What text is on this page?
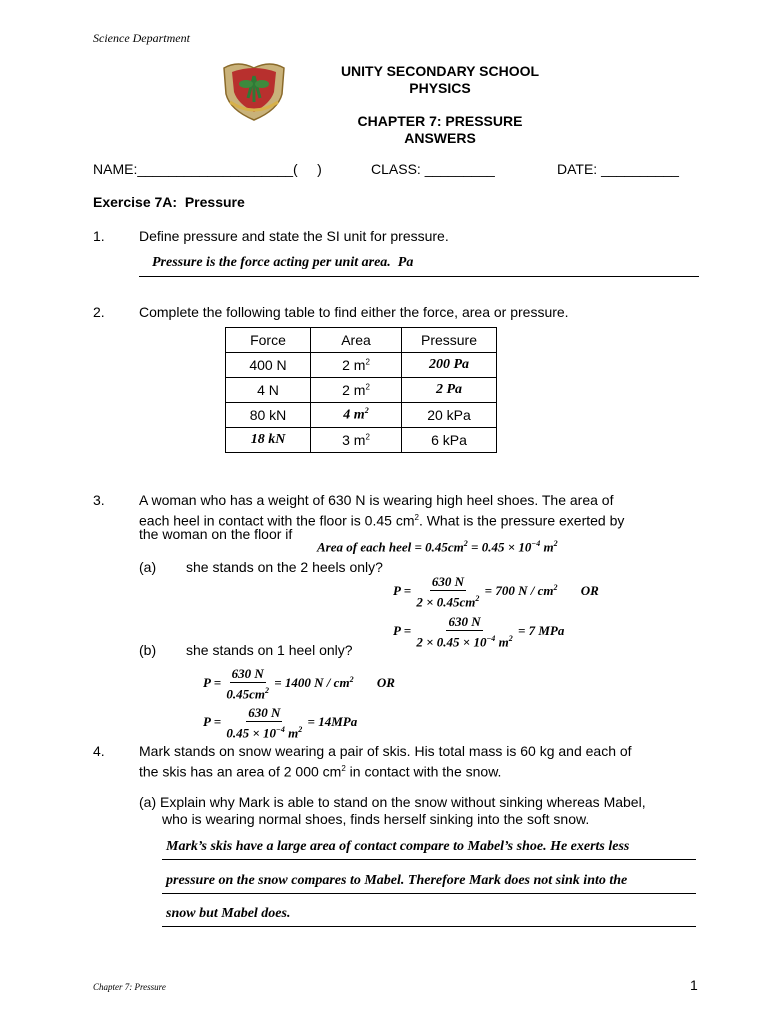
Science Department
UNITY SECONDARY SCHOOL
PHYSICS
CHAPTER 7: PRESSURE
ANSWERS
NAME:____________________(     )	CLASS: _________	DATE: __________
Exercise 7A:  Pressure
1. Define pressure and state the SI unit for pressure.
Pressure is the force acting per unit area.  Pa
2. Complete the following table to find either the force, area or pressure.
Force	Area	Pressure
400 N	2 $m^2$	200 Pa
4 N	2 $m^2$	2 Pa
80 kN	4 $m^2$	20 kPa
18 kN	3 $m^2$	6 kPa
3. A woman who has a weight of 630 N is wearing high heel shoes. The area of
each heel in contact with the floor is 0.45 $cm^2$. What is the pressure exerted by
the woman on the floor if
Area of each heel = $0.45cm^2 = 0.45 \times 10^{-4}$ $m^2$
(a) she stands on the 2 heels only?
$P = \frac{630 N}{2 \times 0.45cm^2} = 700$ N / $cm^2$ OR
$P = \frac{630 N}{2 \times 0.45 \times 10^{-4} m^2} = 7$ MPa
(b) she stands on 1 heel only?
$P = \frac{630 N}{0.45cm^2} = 1400$ N / $cm^2$ OR
$P = \frac{630 N}{0.45 \times 10^{-4} m^2} = 14MPa$
4. Mark stands on snow wearing a pair of skis. His total mass is 60 kg and each of
the skis has an area of 2 000 $cm^2$ in contact with the snow.
(a) Explain why Mark is able to stand on the snow without sinking whereas Mabel,
who is wearing normal shoes, finds herself sinking into the soft snow.
Mark’s skis have a large area of contact compare to Mabel’s shoe. He exerts less
pressure on the snow compares to Mabel. Therefore Mark does not sink into the
snow but Mabel does.
Chapter 7: Pressure	1
